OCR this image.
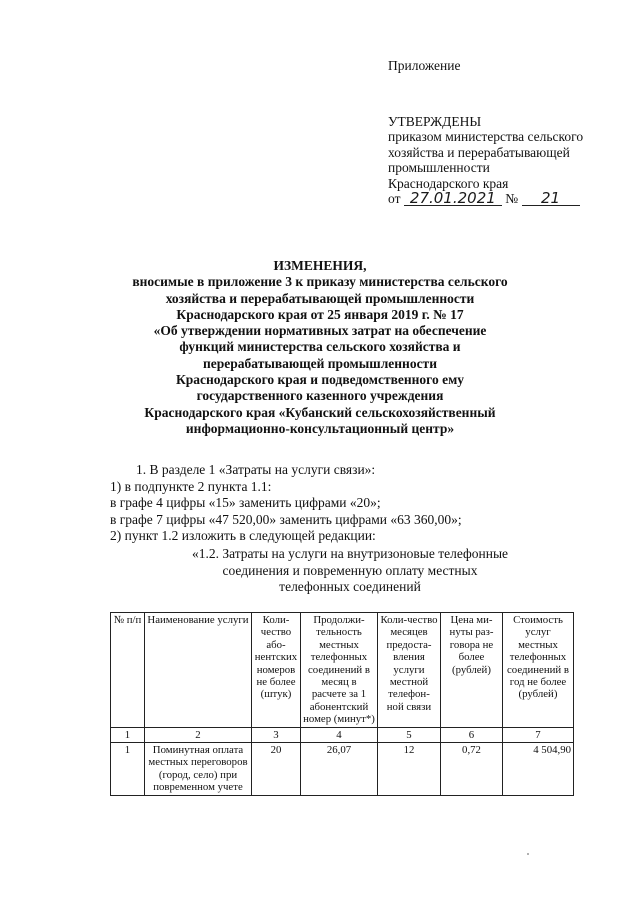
Приложение
УТВЕРЖДЕНЫ
приказом министерства сельского
хозяйства и перерабатывающей
промышленности
Краснодарского края
от 27.01.2021 № 21
ИЗМЕНЕНИЯ,
вносимые в приложение 3 к приказу министерства сельского
хозяйства и перерабатывающей промышленности
Краснодарского края от 25 января 2019 г. № 17
«Об утверждении нормативных затрат на обеспечение
функций министерства сельского хозяйства и
перерабатывающей промышленности
Краснодарского края и подведомственного ему
государственного казенного учреждения
Краснодарского края «Кубанский сельскохозяйственный
информационно-консультационный центр»
1. В разделе 1 «Затраты на услуги связи»:
1) в подпункте 2 пункта 1.1:
в графе 4 цифры «15» заменить цифрами «20»;
в графе 7 цифры «47 520,00» заменить цифрами «63 360,00»;
2) пункт 1.2 изложить в следующей редакции:
«1.2. Затраты на услуги на внутризоновые телефонные
соединения и повременную оплату местных
телефонных соединений
№ п/п	Наименование услуги	Коли-чество або-нентских номеров не более (штук)	Продолжи-тельность местных телефонных соединений в месяц в расчете за 1 абонентский номер (минут*)	Коли-чество месяцев предоста-вления услуги местной телефон-ной связи	Цена ми-нуты раз-говора не более (рублей)	Стоимость услуг местных телефонных соединений в год не более (рублей)
1	2	3	4	5	6	7
1	Поминутная оплата местных переговоров (город, село) при повременном учете	20	26,07	12	0,72	4 504,90
